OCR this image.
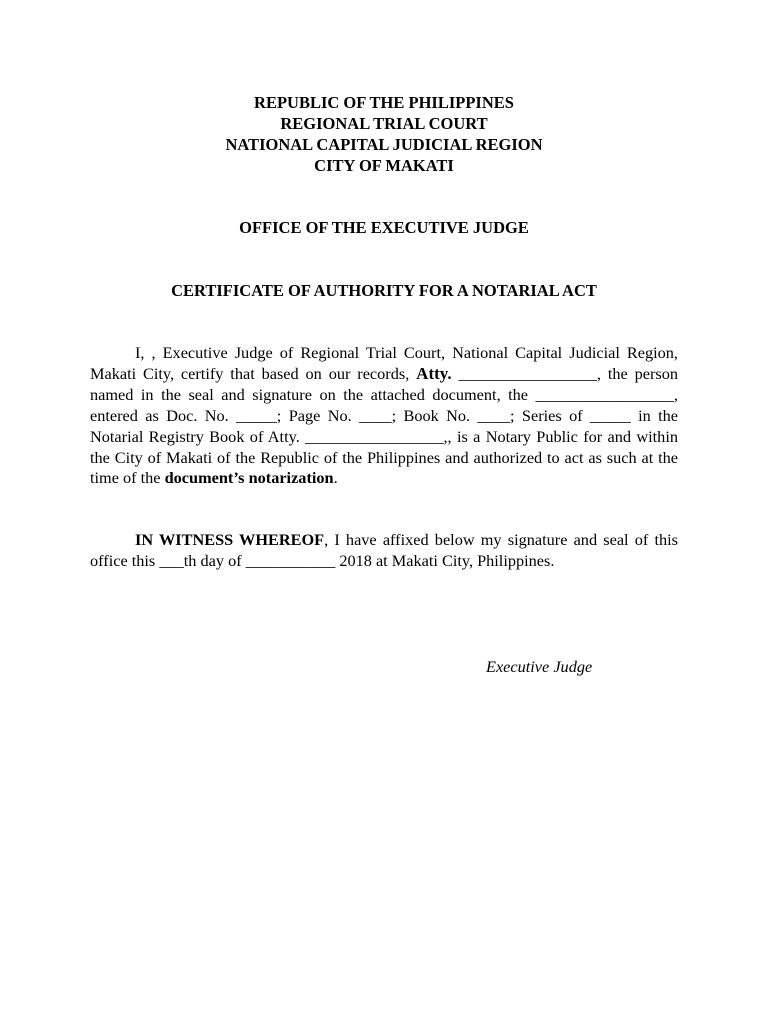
REPUBLIC OF THE PHILIPPINES
REGIONAL TRIAL COURT
NATIONAL CAPITAL JUDICIAL REGION
CITY OF MAKATI
OFFICE OF THE EXECUTIVE JUDGE
CERTIFICATE OF AUTHORITY FOR A NOTARIAL ACT
I, , Executive Judge of Regional Trial Court, National Capital Judicial Region, Makati City, certify that based on our records, Atty. _________________, the person named in the seal and signature on the attached document, the _________________, entered as Doc. No. _____; Page No. ____; Book No. ____; Series of _____ in the Notarial Registry Book of Atty. _________________,, is a Notary Public for and within the City of Makati of the Republic of the Philippines and authorized to act as such at the time of the document’s notarization.
IN WITNESS WHEREOF, I have affixed below my signature and seal of this office this ___th day of ___________ 2018 at Makati City, Philippines.
Executive Judge
